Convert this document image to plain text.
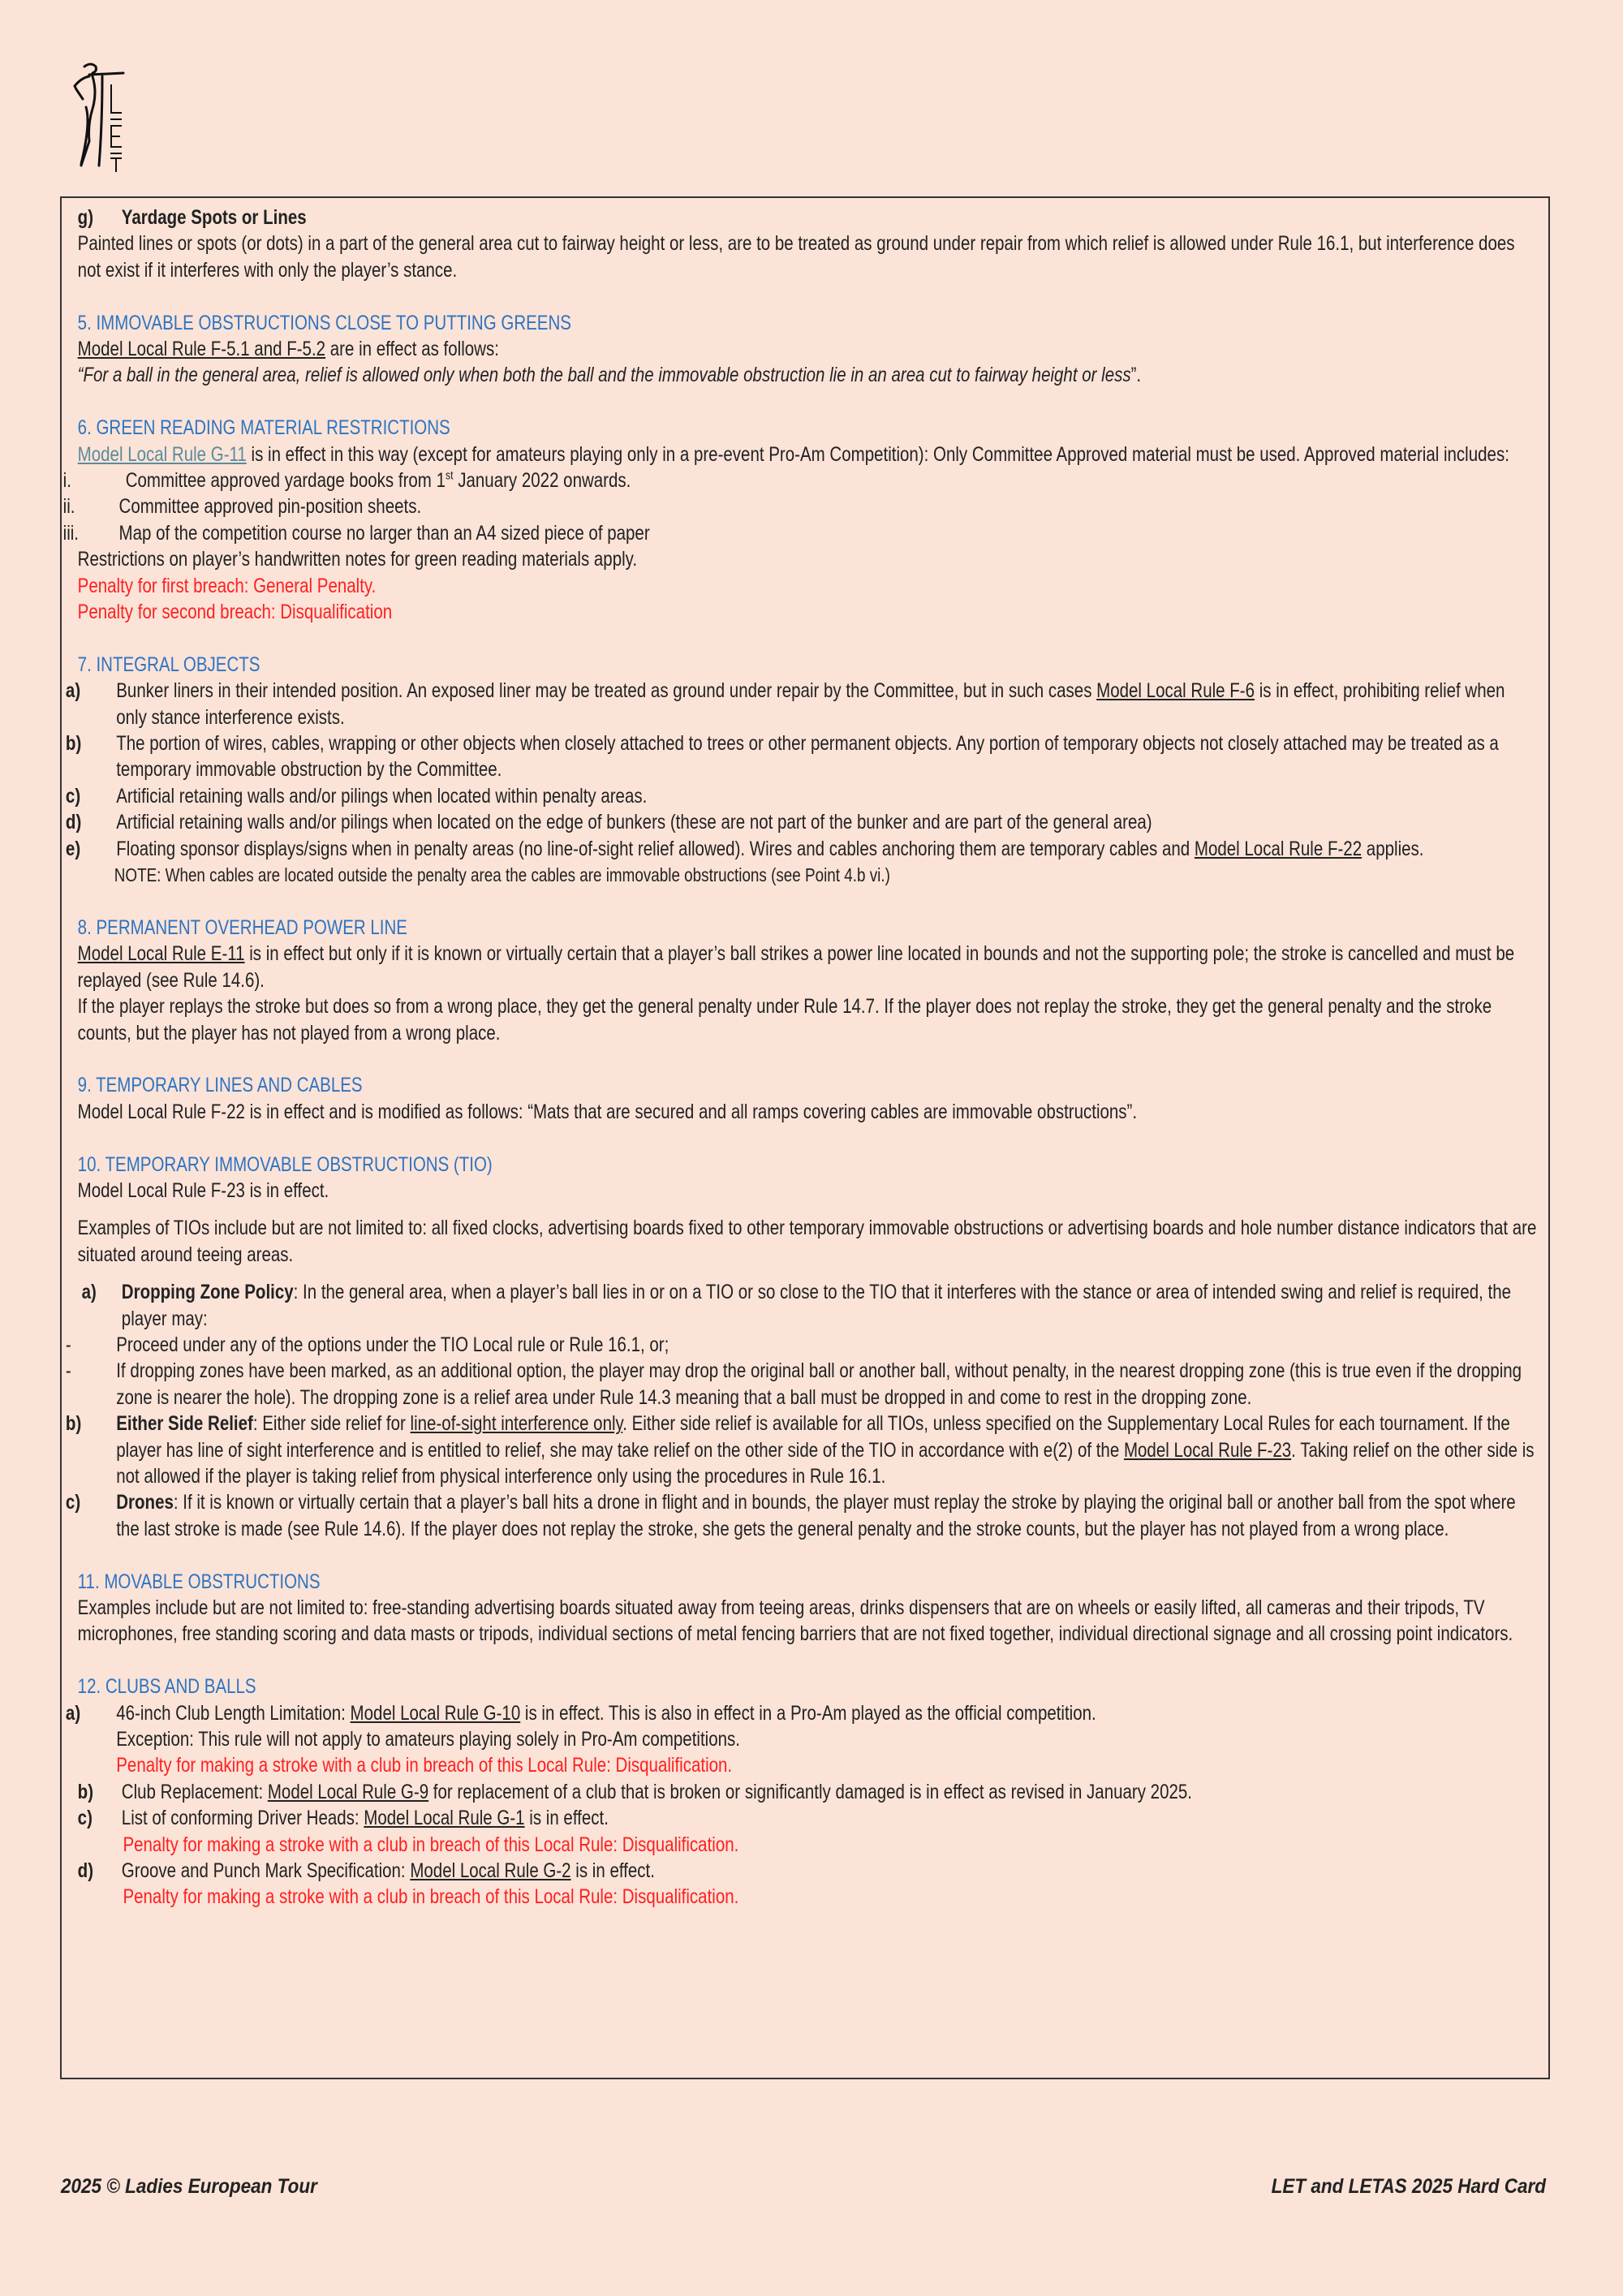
g) Yardage Spots or Lines
Painted lines or spots (or dots) in a part of the general area cut to fairway height or less, are to be treated as ground under repair from which relief is allowed under Rule 16.1, but interference does not exist if it interferes with only the player’s stance.
5. IMMOVABLE OBSTRUCTIONS CLOSE TO PUTTING GREENS
Model Local Rule F-5.1 and F-5.2 are in effect as follows:
“For a ball in the general area, relief is allowed only when both the ball and the immovable obstruction lie in an area cut to fairway height or less”.
6. GREEN READING MATERIAL RESTRICTIONS
Model Local Rule G-11 is in effect in this way (except for amateurs playing only in a pre-event Pro-Am Competition): Only Committee Approved material must be used. Approved material includes:
i.	Committee approved yardage books from 1st January 2022 onwards.
ii. Committee approved pin-position sheets.
iii. Map of the competition course no larger than an A4 sized piece of paper
Restrictions on player’s handwritten notes for green reading materials apply.
Penalty for first breach: General Penalty.
Penalty for second breach: Disqualification
7. INTEGRAL OBJECTS
a) Bunker liners in their intended position. An exposed liner may be treated as ground under repair by the Committee, but in such cases Model Local Rule F-6 is in effect, prohibiting relief when only stance interference exists.
b) The portion of wires, cables, wrapping or other objects when closely attached to trees or other permanent objects. Any portion of temporary objects not closely attached may be treated as a temporary immovable obstruction by the Committee.
c) Artificial retaining walls and/or pilings when located within penalty areas.
d) Artificial retaining walls and/or pilings when located on the edge of bunkers (these are not part of the bunker and are part of the general area)
e) Floating sponsor displays/signs when in penalty areas (no line-of-sight relief allowed). Wires and cables anchoring them are temporary cables and Model Local Rule F-22 applies.
NOTE: When cables are located outside the penalty area the cables are immovable obstructions (see Point 4.b vi.)
8. PERMANENT OVERHEAD POWER LINE
Model Local Rule E-11 is in effect but only if it is known or virtually certain that a player’s ball strikes a power line located in bounds and not the supporting pole; the stroke is cancelled and must be replayed (see Rule 14.6).
If the player replays the stroke but does so from a wrong place, they get the general penalty under Rule 14.7. If the player does not replay the stroke, they get the general penalty and the stroke counts, but the player has not played from a wrong place.
9. TEMPORARY LINES AND CABLES
Model Local Rule F-22 is in effect and is modified as follows: “Mats that are secured and all ramps covering cables are immovable obstructions”.
10. TEMPORARY IMMOVABLE OBSTRUCTIONS (TIO)
Model Local Rule F-23 is in effect.
Examples of TIOs include but are not limited to: all fixed clocks, advertising boards fixed to other temporary immovable obstructions or advertising boards and hole number distance indicators that are situated around teeing areas.
a) Dropping Zone Policy: In the general area, when a player’s ball lies in or on a TIO or so close to the TIO that it interferes with the stance or area of intended swing and relief is required, the player may:
- Proceed under any of the options under the TIO Local rule or Rule 16.1, or;
- If dropping zones have been marked, as an additional option, the player may drop the original ball or another ball, without penalty, in the nearest dropping zone (this is true even if the dropping zone is nearer the hole). The dropping zone is a relief area under Rule 14.3 meaning that a ball must be dropped in and come to rest in the dropping zone.
b) Either Side Relief: Either side relief for line-of-sight interference only. Either side relief is available for all TIOs, unless specified on the Supplementary Local Rules for each tournament. If the player has line of sight interference and is entitled to relief, she may take relief on the other side of the TIO in accordance with e(2) of the Model Local Rule F-23. Taking relief on the other side is not allowed if the player is taking relief from physical interference only using the procedures in Rule 16.1.
c) Drones: If it is known or virtually certain that a player’s ball hits a drone in flight and in bounds, the player must replay the stroke by playing the original ball or another ball from the spot where the last stroke is made (see Rule 14.6). If the player does not replay the stroke, she gets the general penalty and the stroke counts, but the player has not played from a wrong place.
11. MOVABLE OBSTRUCTIONS
Examples include but are not limited to: free-standing advertising boards situated away from teeing areas, drinks dispensers that are on wheels or easily lifted, all cameras and their tripods, TV microphones, free standing scoring and data masts or tripods, individual sections of metal fencing barriers that are not fixed together, individual directional signage and all crossing point indicators.
12. CLUBS AND BALLS
a) 46-inch Club Length Limitation: Model Local Rule G-10 is in effect. This is also in effect in a Pro-Am played as the official competition.
Exception: This rule will not apply to amateurs playing solely in Pro-Am competitions.
Penalty for making a stroke with a club in breach of this Local Rule: Disqualification.
b) Club Replacement: Model Local Rule G-9 for replacement of a club that is broken or significantly damaged is in effect as revised in January 2025.
c) List of conforming Driver Heads: Model Local Rule G-1 is in effect.
Penalty for making a stroke with a club in breach of this Local Rule: Disqualification.
d) Groove and Punch Mark Specification: Model Local Rule G-2 is in effect.
Penalty for making a stroke with a club in breach of this Local Rule: Disqualification.
2025 © Ladies European Tour	LET and LETAS 2025 Hard Card
